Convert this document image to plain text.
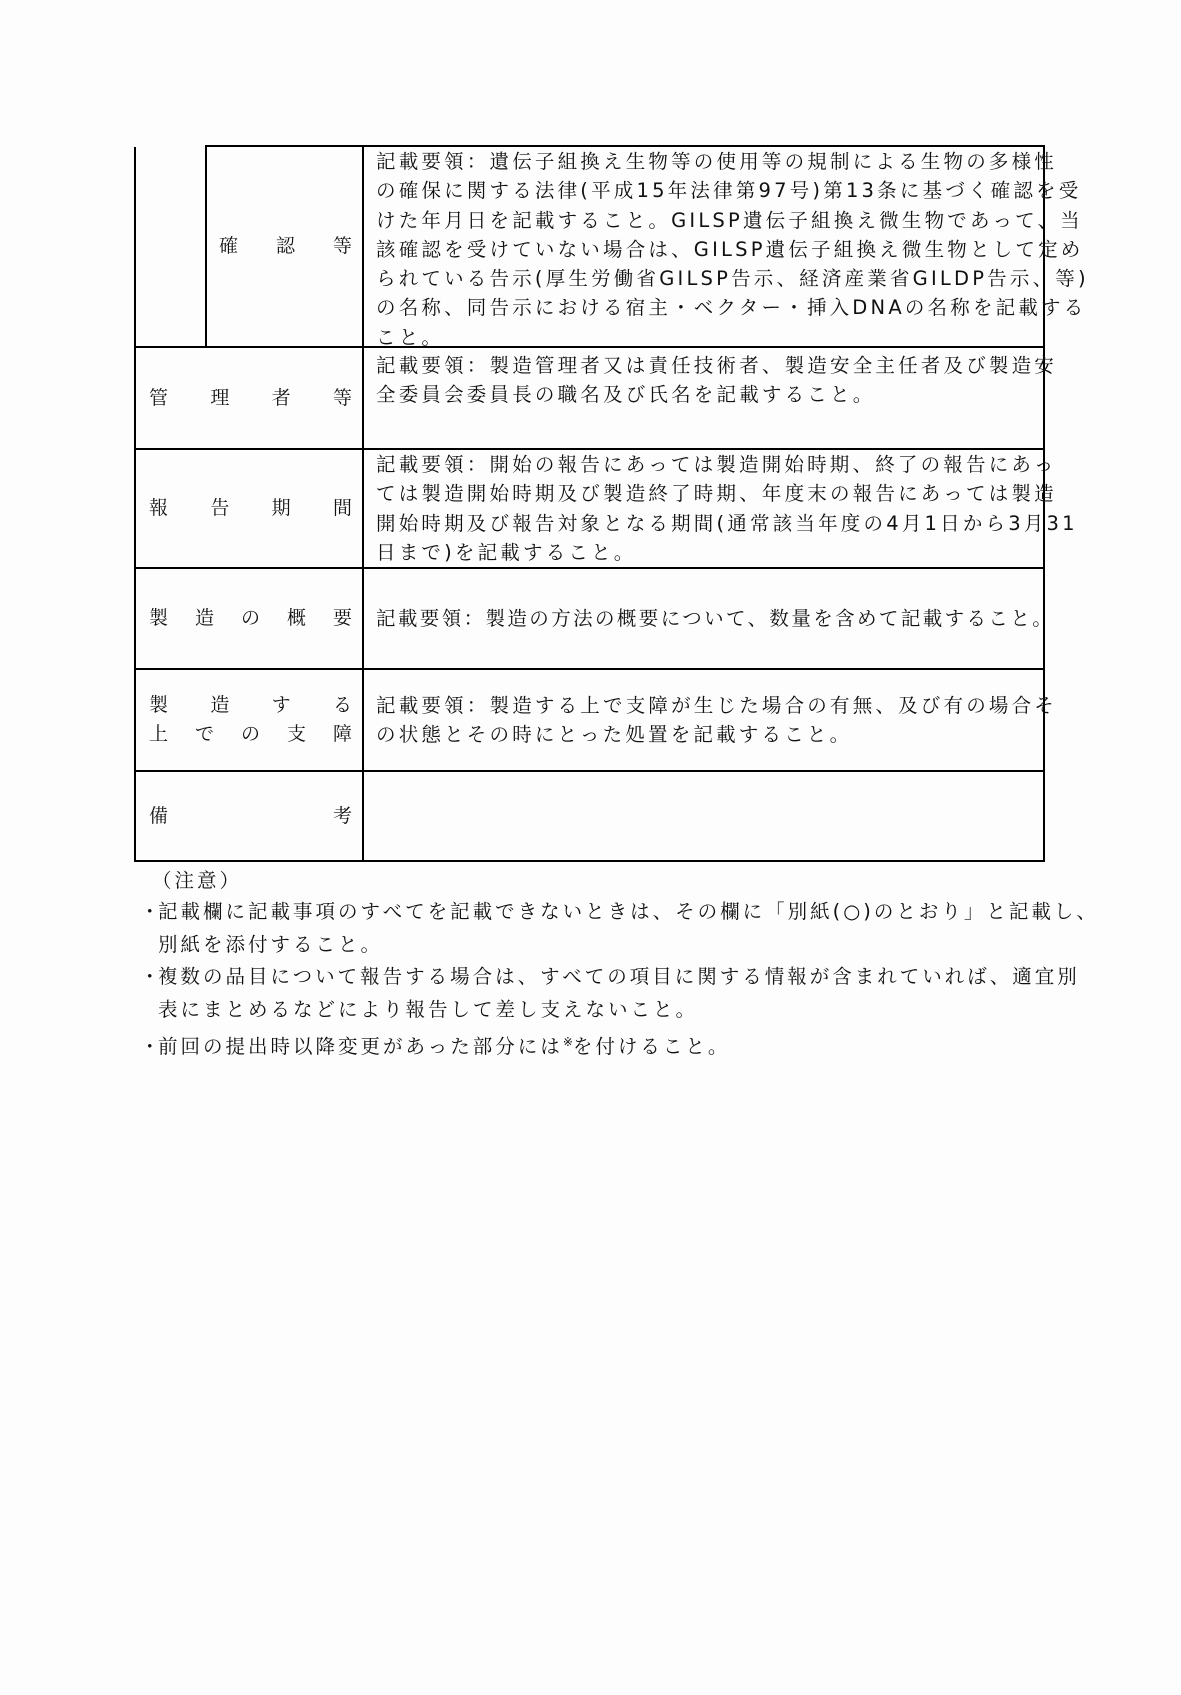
確 認 等
記載要領：遺伝子組換え生物等の使用等の規制による生物の多様性
の確保に関する法律(平成15年法律第97号)第13条に基づく確認を受
けた年月日を記載すること。GILSP遺伝子組換え微生物であって、当
該確認を受けていない場合は、GILSP遺伝子組換え微生物として定め
られている告示(厚生労働省GILSP告示、経済産業省GILDP告示、等)
の名称、同告示における宿主・ベクター・挿入DNAの名称を記載する
こと。
管 理 者 等
記載要領：製造管理者又は責任技術者、製造安全主任者及び製造安
全委員会委員長の職名及び氏名を記載すること。
報 告 期 間
記載要領：開始の報告にあっては製造開始時期、終了の報告にあっ
ては製造開始時期及び製造終了時期、年度末の報告にあっては製造
開始時期及び報告対象となる期間(通常該当年度の4月1日から3月31
日まで)を記載すること。
製 造 の 概 要 記載要領：製造の方法の概要について、数量を含めて記載すること。
製 造 す る
上 で の 支 障
記載要領：製造する上で支障が生じた場合の有無、及び有の場合そ
の状態とその時にとった処置を記載すること。
備	考
（注意）
・記載欄に記載事項のすべてを記載できないときは、その欄に「別紙(○)のとおり」と記載し、
別紙を添付すること。
・複数の品目について報告する場合は、すべての項目に関する情報が含まれていれば、適宜別
表にまとめるなどにより報告して差し支えないこと。
・前回の提出時以降変更があった部分には※を付けること。
